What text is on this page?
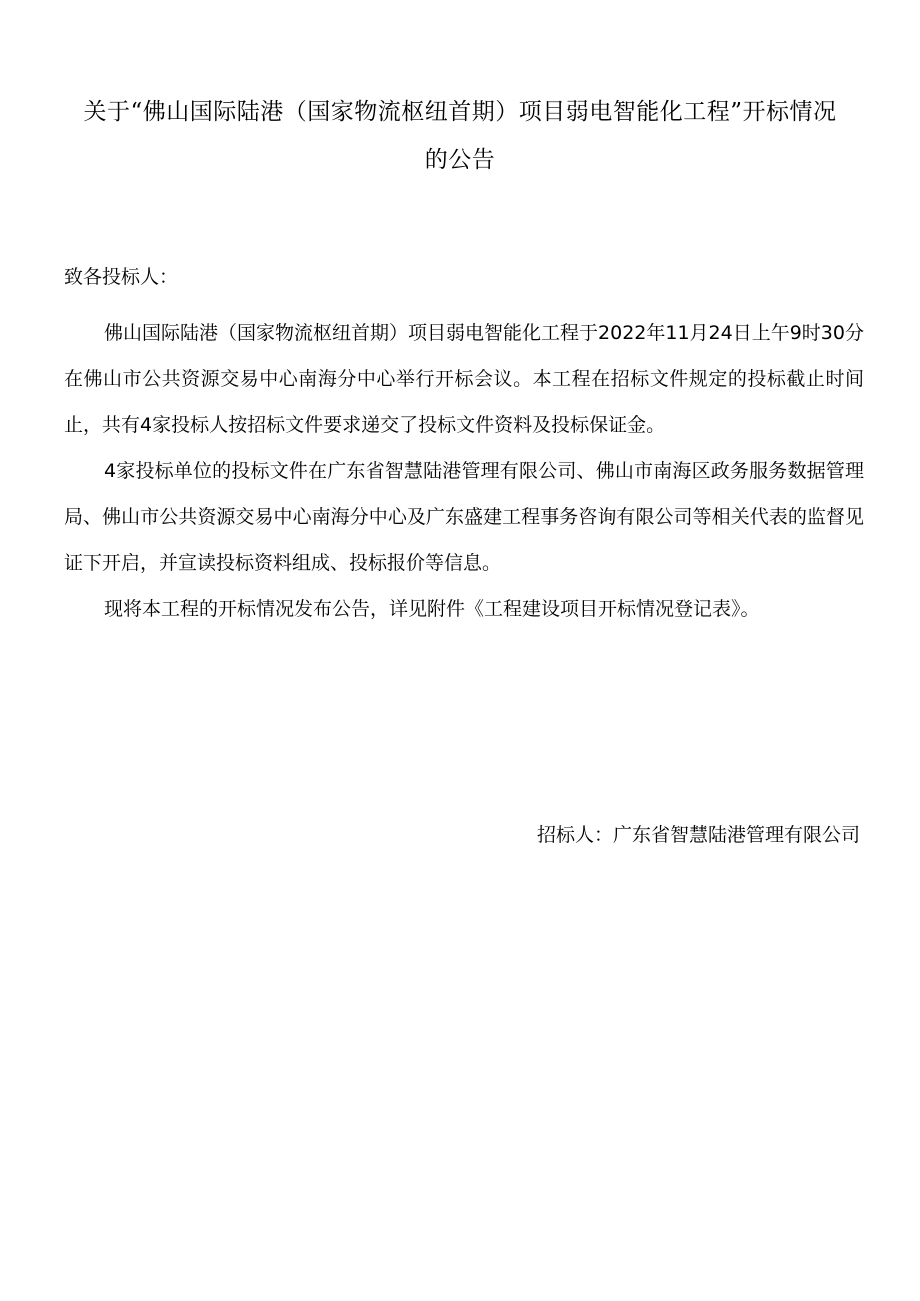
关于“佛山国际陆港（国家物流枢纽首期）项目弱电智能化工程”开标情况
的公告

致各投标人：

佛山国际陆港（国家物流枢纽首期）项目弱电智能化工程于2022年11月24日上午9时30分在佛山市公共资源交易中心南海分中心举行开标会议。本工程在招标文件规定的投标截止时间止，共有4家投标人按招标文件要求递交了投标文件资料及投标保证金。

4家投标单位的投标文件在广东省智慧陆港管理有限公司、佛山市南海区政务服务数据管理局、佛山市公共资源交易中心南海分中心及广东盛建工程事务咨询有限公司等相关代表的监督见证下开启，并宣读投标资料组成、投标报价等信息。

现将本工程的开标情况发布公告，详见附件《工程建设项目开标情况登记表》。

招标人：广东省智慧陆港管理有限公司
